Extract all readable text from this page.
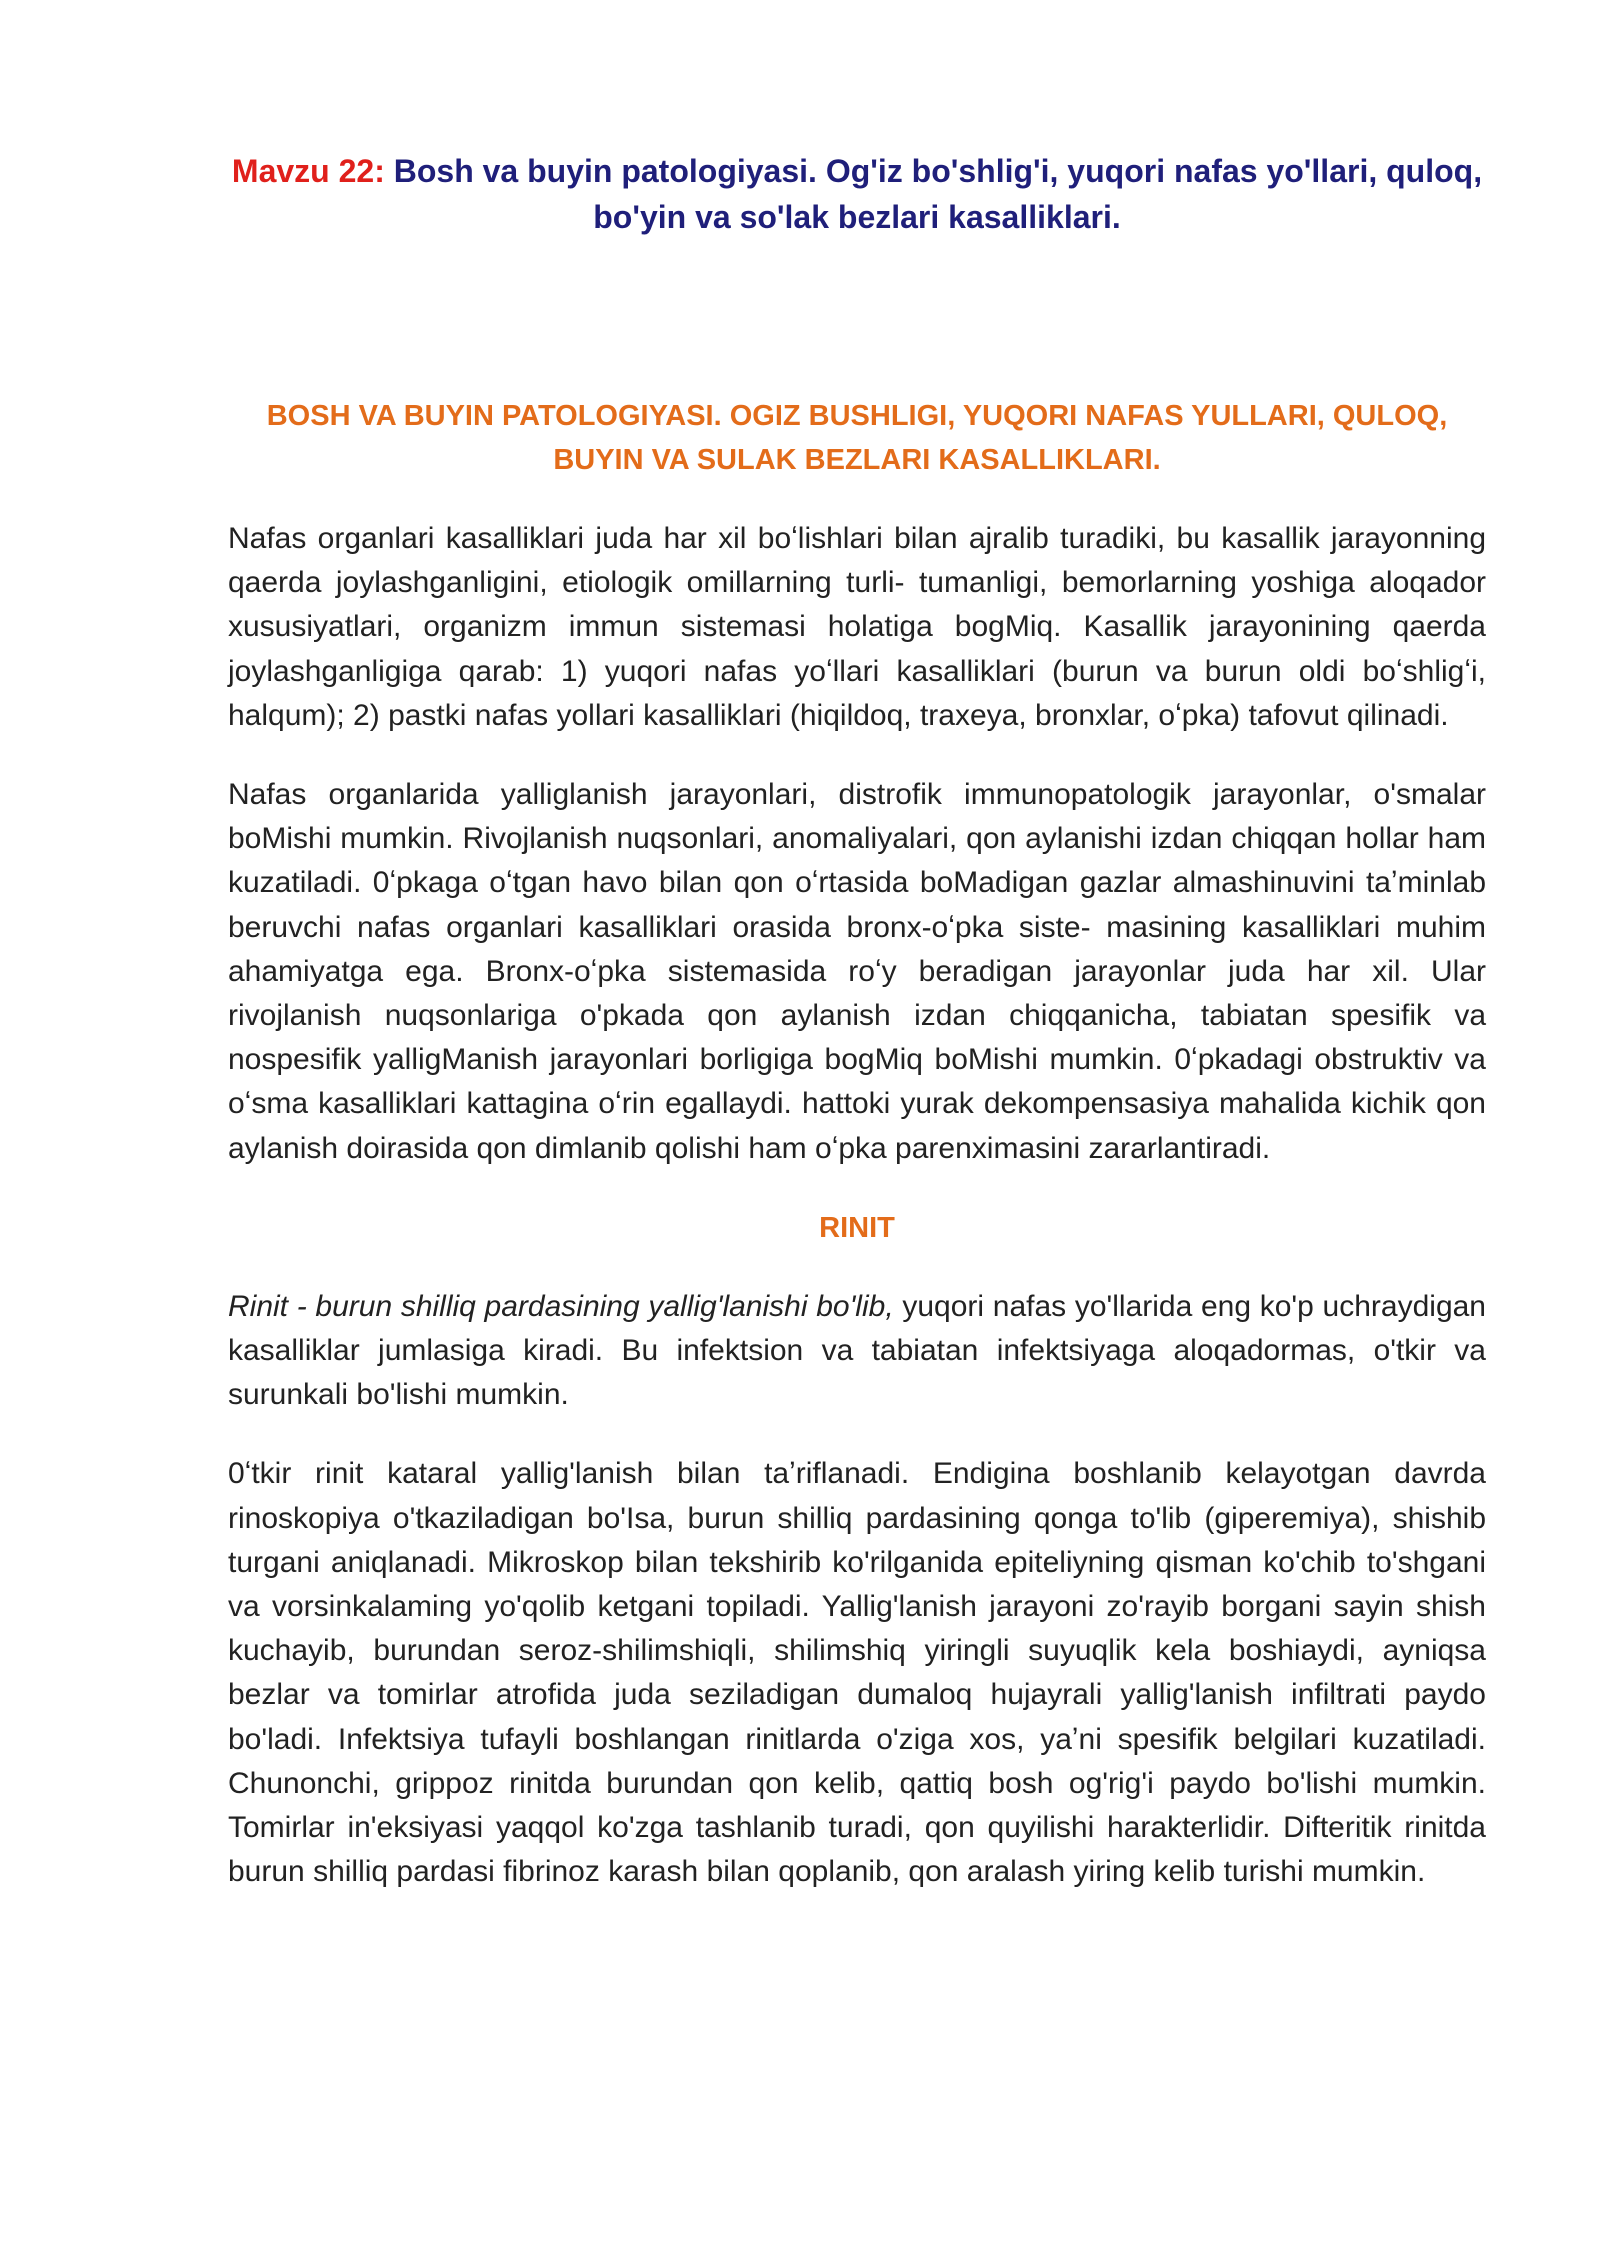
Mavzu 22: Bosh va buyin patologiyasi. Og'iz bo'shlig'i, yuqori nafas yo'llari, quloq, bo'yin va so'lak bezlari kasalliklari.

BOSH VA BUYIN PATOLOGIYASI. OGIZ BUSHLIGI, YUQORI NAFAS YULLARI, QULOQ, BUYIN VA SULAK BEZLARI KASALLIKLARI.

Nafas organlari kasalliklari juda har xil boʻlishlari bilan ajralib turadiki, bu kasallik jarayonning qaerda joylashganligini, etiologik omillarning turli- tumanligi, bemorlarning yoshiga aloqador xususiyatlari, organizm immun sistemasi holatiga bogMiq. Kasallik jarayonining qaerda joylashganligiga qarab: 1) yuqori nafas yoʻllari kasalliklari (burun va burun oldi boʻshligʻi, halqum); 2) pastki nafas yollari kasalliklari (hiqildoq, traxeya, bronxlar, oʻpka) tafovut qilinadi.

Nafas organlarida yalliglanish jarayonlari, distrofik immunopatologik jarayonlar, o'smalar boMishi mumkin. Rivojlanish nuqsonlari, anomaliyalari, qon aylanishi izdan chiqqan hollar ham kuzatiladi. 0ʻpkaga oʻtgan havo bilan qon oʻrtasida boMadigan gazlar almashinuvini taʼminlab beruvchi nafas organlari kasalliklari orasida bronx-oʻpka siste- masining kasalliklari muhim ahamiyatga ega. Bronx-oʻpka sistemasida roʻy beradigan jarayonlar juda har xil. Ular rivojlanish nuqsonlariga o'pkada qon aylanish izdan chiqqanicha, tabiatan spesifik va nospesifik yalligManish jarayonlari borligiga bogMiq boMishi mumkin. 0ʻpkadagi obstruktiv va oʻsma kasalliklari kattagina oʻrin egallaydi. hattoki yurak dekompensasiya mahalida kichik qon aylanish doirasida qon dimlanib qolishi ham oʻpka parenximasini zararlantiradi.

RINIT

Rinit - burun shilliq pardasining yallig'lanishi bo'lib, yuqori nafas yo'llarida eng ko'p uchraydigan kasalliklar jumlasiga kiradi. Bu infektsion va tabiatan infektsiyaga aloqadormas, o'tkir va surunkali bo'lishi mumkin.

0ʻtkir rinit kataral yallig'lanish bilan taʼriflanadi. Endigina boshlanib kelayotgan davrda rinoskopiya o'tkaziladigan bo'Isa, burun shilliq pardasining qonga to'lib (giperemiya), shishib turgani aniqlanadi. Mikroskop bilan tekshirib ko'rilganida epiteliyning qisman ko'chib to'shgani va vorsinkalaming yo'qolib ketgani topiladi. Yallig'lanish jarayoni zo'rayib borgani sayin shish kuchayib, burundan seroz-shilimshiqli, shilimshiq yiringli suyuqlik kela boshiaydi, ayniqsa bezlar va tomirlar atrofida juda seziladigan dumaloq hujayrali yallig'lanish infiltrati paydo bo'ladi. Infektsiya tufayli boshlangan rinitlarda o'ziga xos, yaʼni spesifik belgilari kuzatiladi. Chunonchi, grippoz rinitda burundan qon kelib, qattiq bosh og'rig'i paydo bo'lishi mumkin. Tomirlar in'eksiyasi yaqqol ko'zga tashlanib turadi, qon quyilishi harakterlidir. Difteritik rinitda burun shilliq pardasi fibrinoz karash bilan qoplanib, qon aralash yiring kelib turishi mumkin.
